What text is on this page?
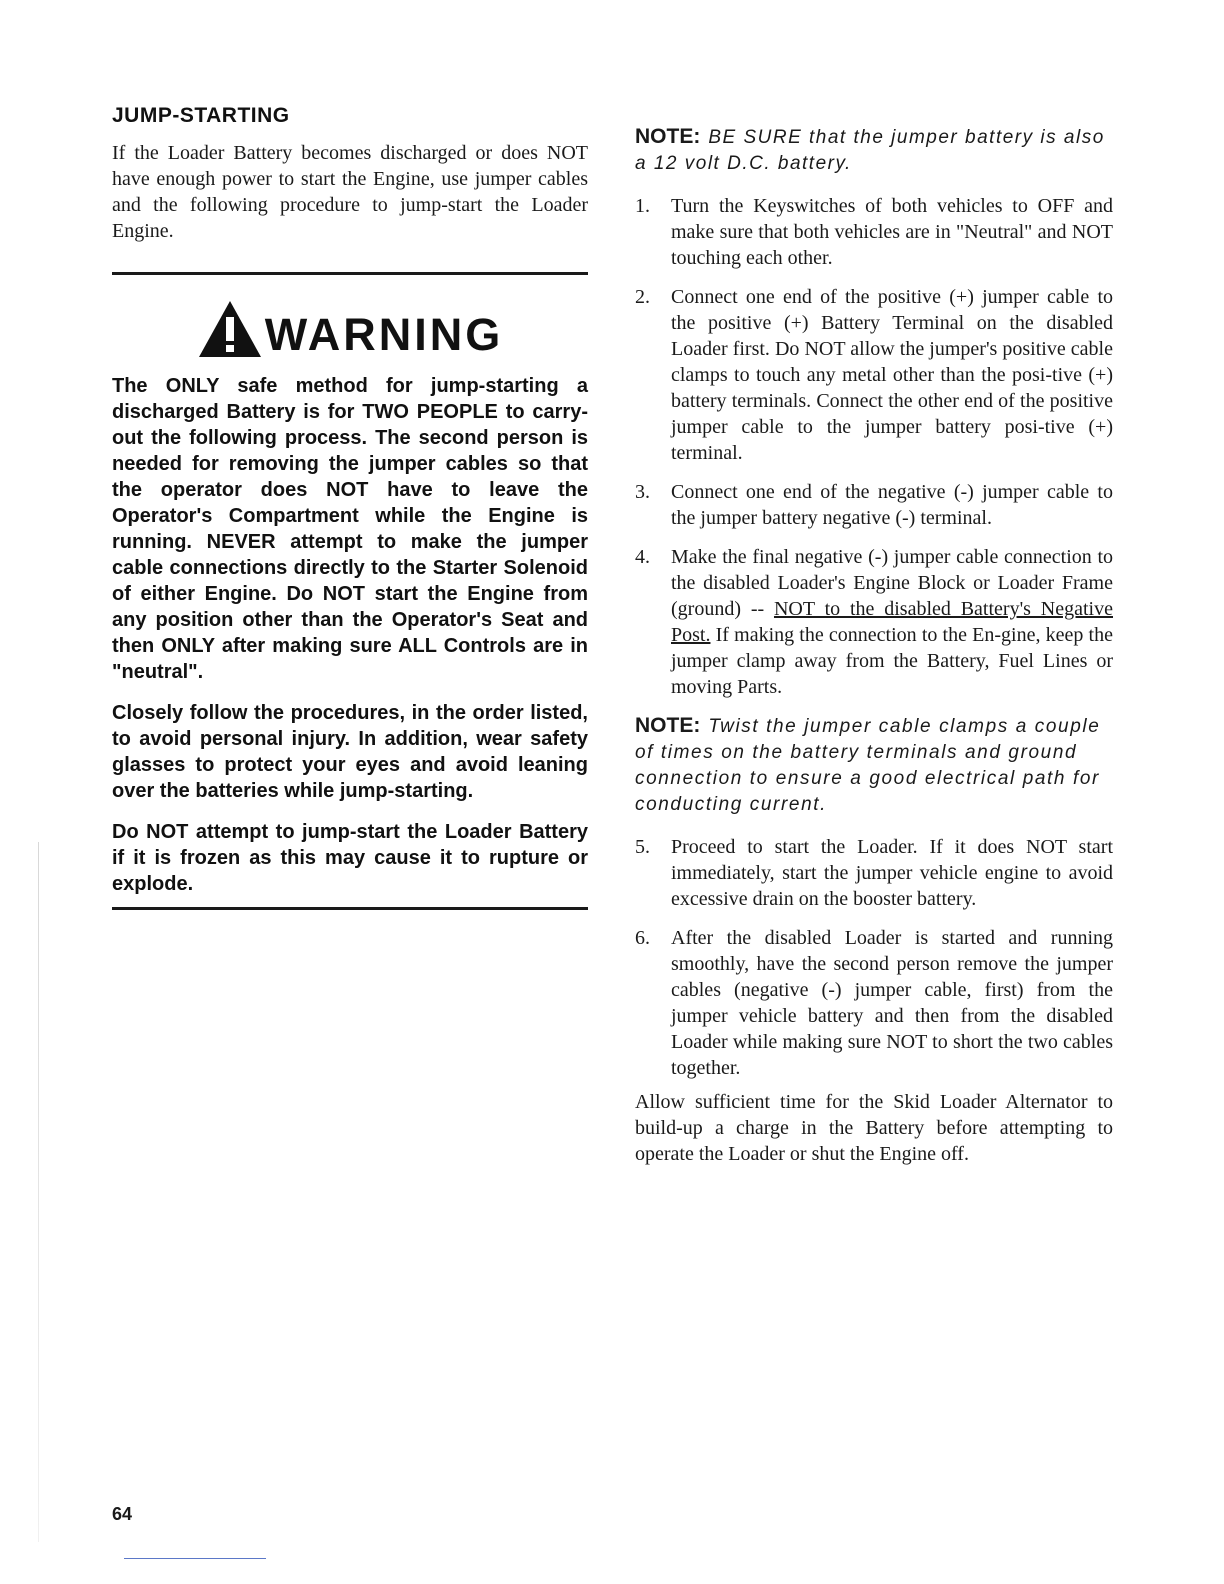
JUMP-STARTING

If the Loader Battery becomes discharged or does NOT have enough power to start the Engine, use jumper cables and the following procedure to jump-start the Loader Engine.

WARNING

The ONLY safe method for jump-starting a discharged Battery is for TWO PEOPLE to carry-out the following process. The second person is needed for removing the jumper cables so that the operator does NOT have to leave the Operator's Compartment while the Engine is running. NEVER attempt to make the jumper cable connections directly to the Starter Solenoid of either Engine. Do NOT start the Engine from any position other than the Operator's Seat and then ONLY after making sure ALL Controls are in "neutral".

Closely follow the procedures, in the order listed, to avoid personal injury. In addition, wear safety glasses to protect your eyes and avoid leaning over the batteries while jump-starting.

Do NOT attempt to jump-start the Loader Battery if it is frozen as this may cause it to rupture or explode.

NOTE: BE SURE that the jumper battery is also a 12 volt D.C. battery.

1. Turn the Keyswitches of both vehicles to OFF and make sure that both vehicles are in "Neutral" and NOT touching each other.
2. Connect one end of the positive (+) jumper cable to the positive (+) Battery Terminal on the disabled Loader first. Do NOT allow the jumper's positive cable clamps to touch any metal other than the posi-tive (+) battery terminals. Connect the other end of the positive jumper cable to the jumper battery posi-tive (+) terminal.
3. Connect one end of the negative (-) jumper cable to the jumper battery negative (-) terminal.
4. Make the final negative (-) jumper cable connection to the disabled Loader's Engine Block or Loader Frame (ground) -- NOT to the disabled Battery's Negative Post. If making the connection to the En-gine, keep the jumper clamp away from the Battery, Fuel Lines or moving Parts.

NOTE: Twist the jumper cable clamps a couple of times on the battery terminals and ground connection to ensure a good electrical path for conducting current.

5. Proceed to start the Loader. If it does NOT start immediately, start the jumper vehicle engine to avoid excessive drain on the booster battery.
6. After the disabled Loader is started and running smoothly, have the second person remove the jumper cables (negative (-) jumper cable, first) from the jumper vehicle battery and then from the disabled Loader while making sure NOT to short the two cables together.

Allow sufficient time for the Skid Loader Alternator to build-up a charge in the Battery before attempting to operate the Loader or shut the Engine off.

64
